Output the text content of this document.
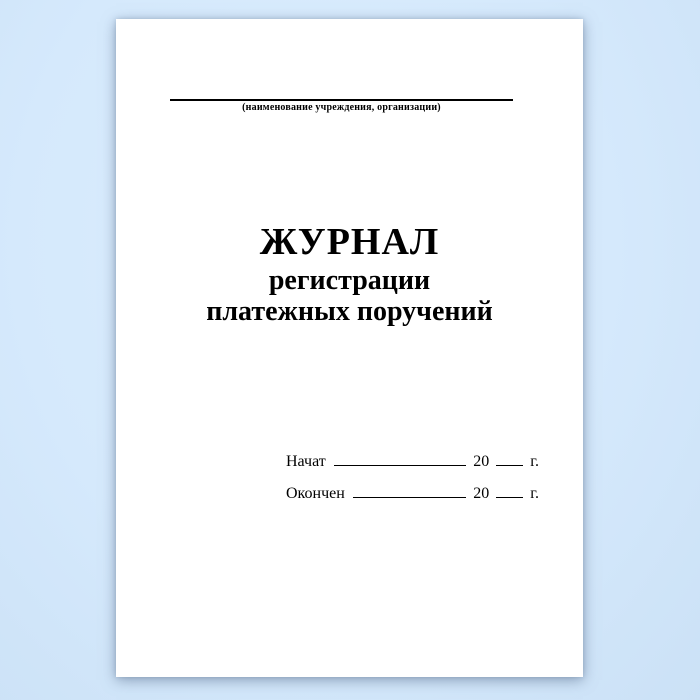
(наименование учреждения, организации)
ЖУРНАЛ
регистрации
платежных поручений
Начат	20	г.
Окончен	20	г.
